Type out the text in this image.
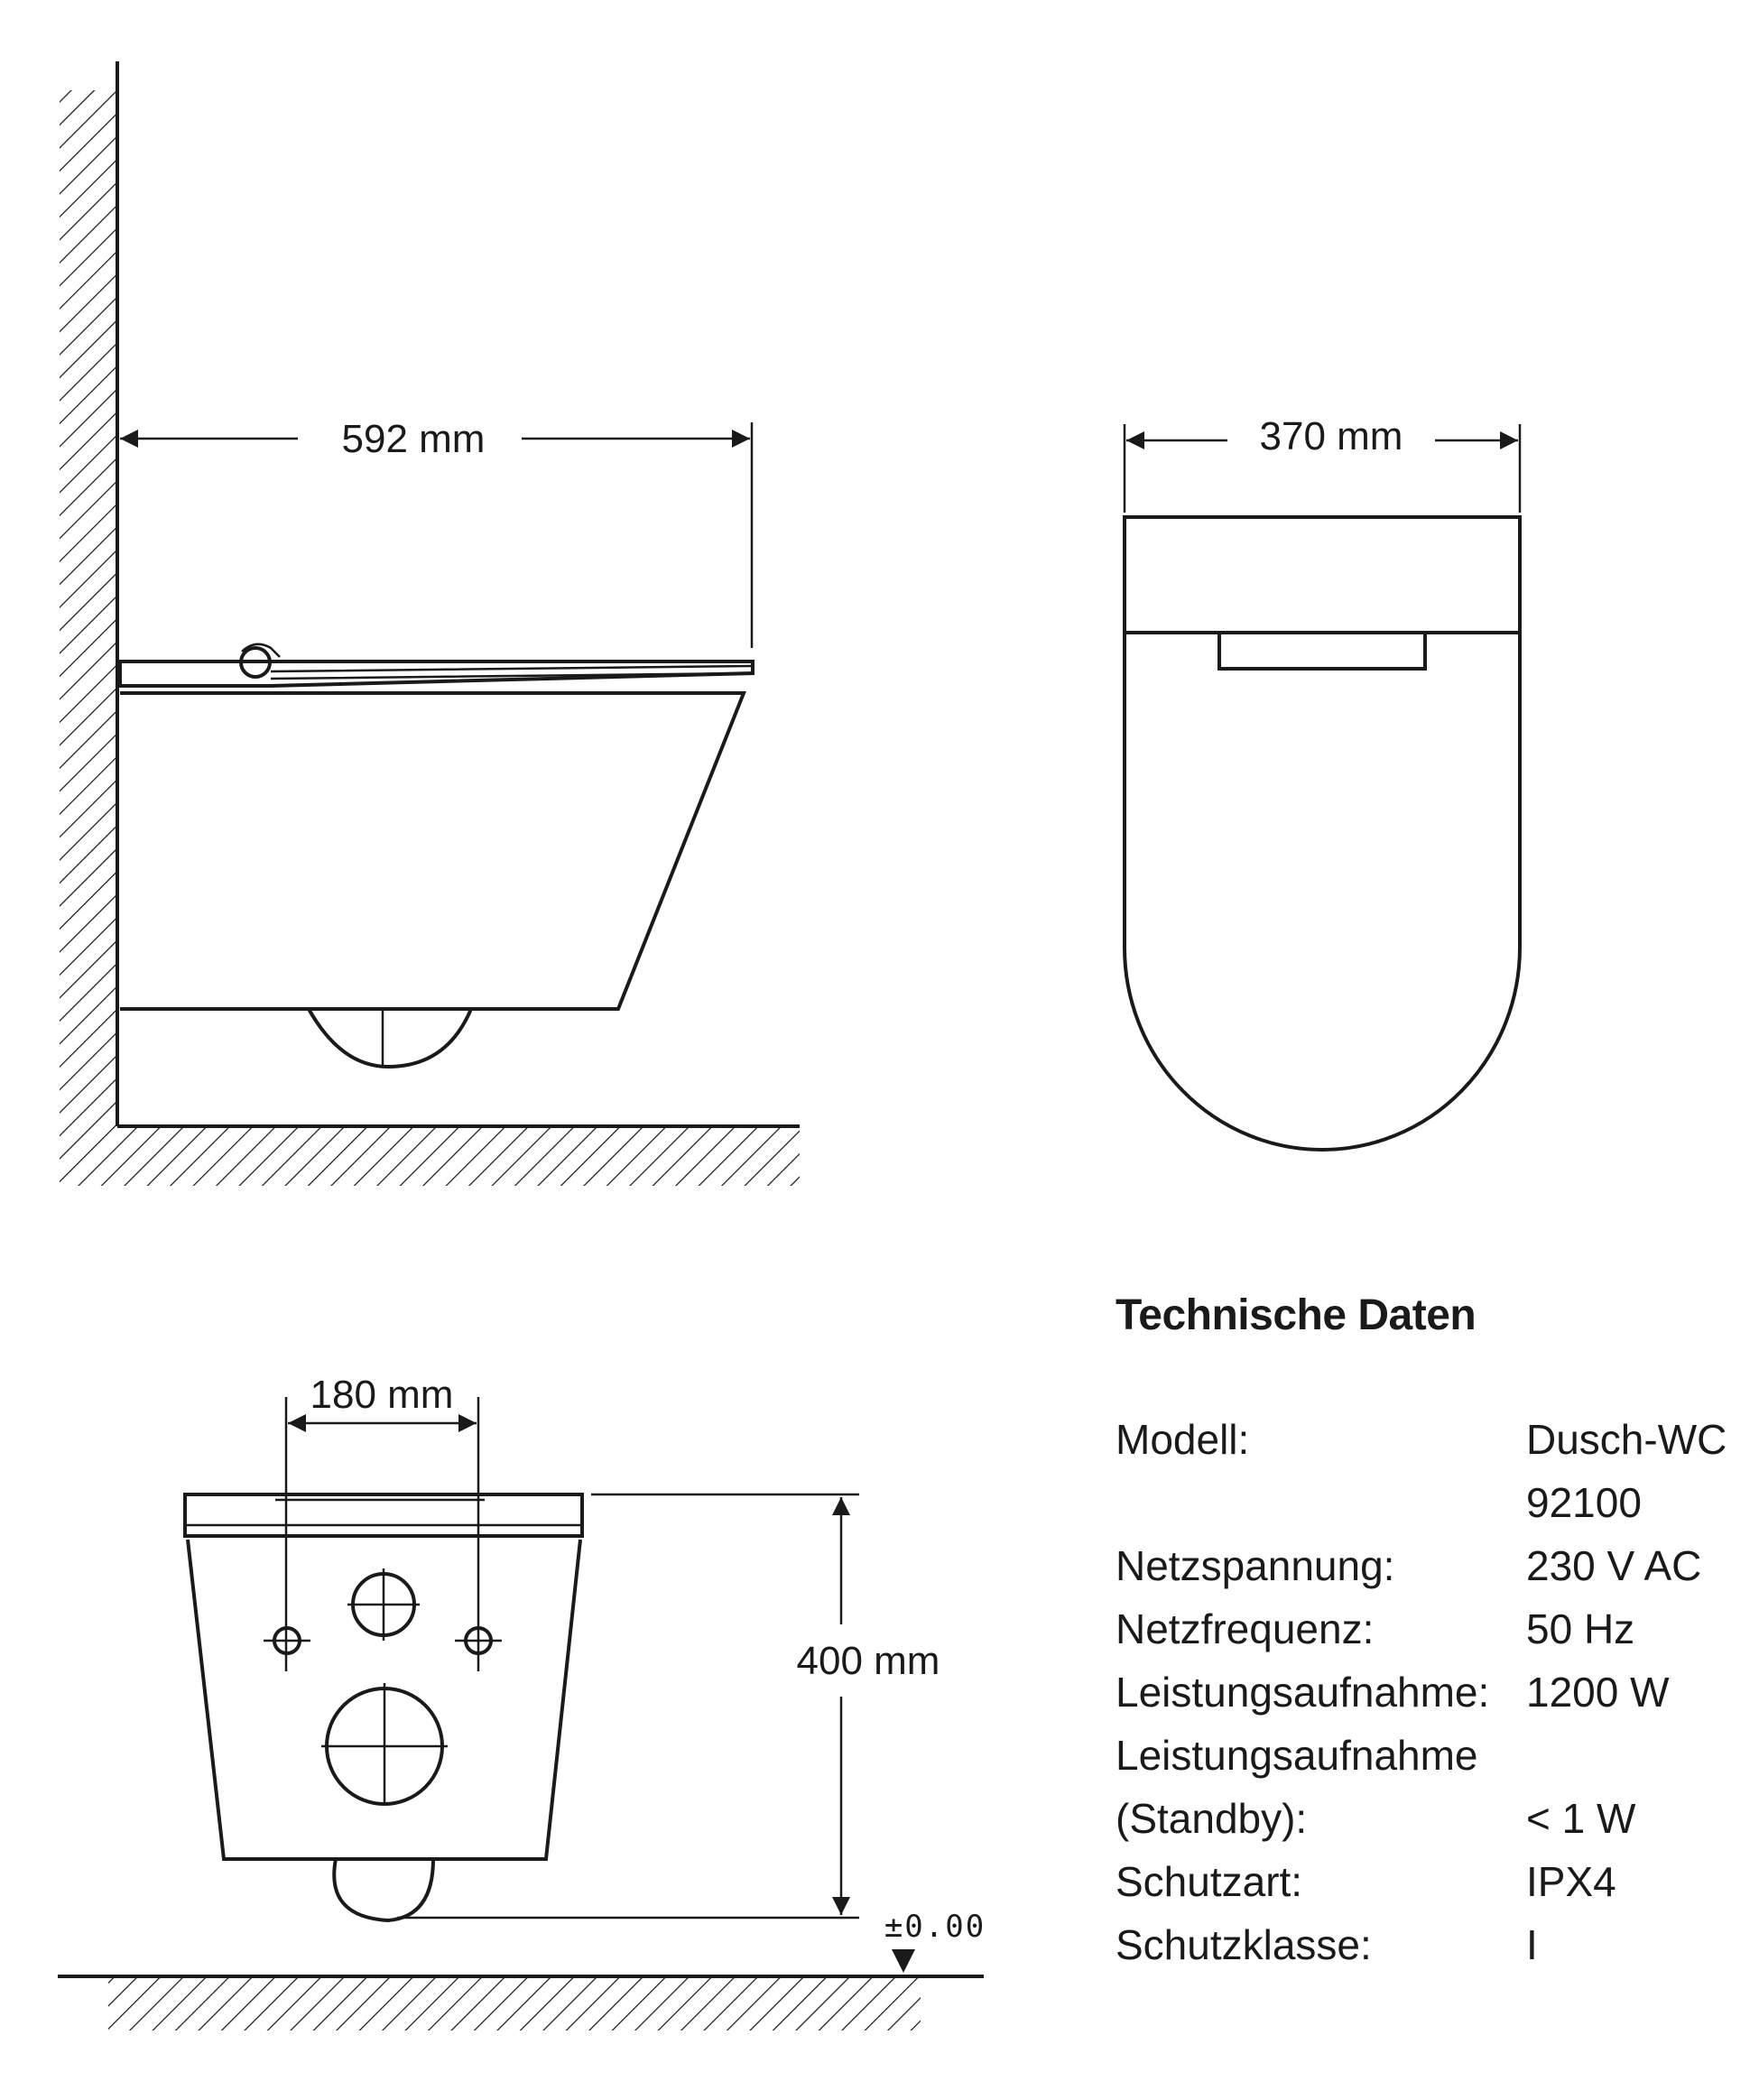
592 mm	370 mm
180 mm
400 mm
±0.00
Technische Daten
Modell:	Dusch-WC
92100
Netzspannung:	230 V AC
Netzfrequenz:	50 Hz
Leistungsaufnahme: 1200 W
Leistungsaufnahme
(Standby):	< 1 W
Schutzart:	IPX4
Schutzklasse:	I
